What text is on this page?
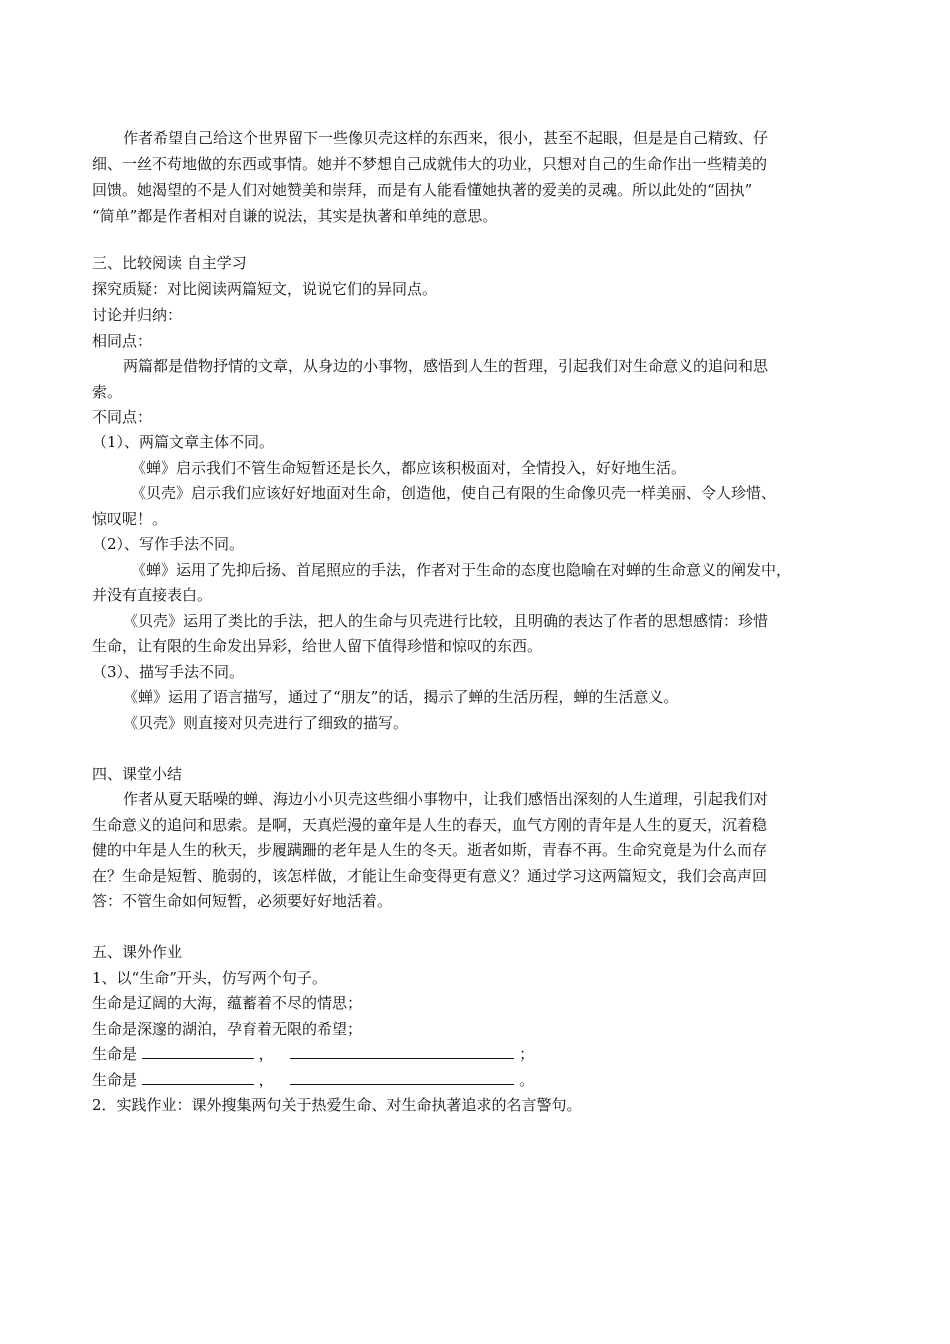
作者希望自己给这个世界留下一些像贝壳这样的东西来，很小，甚至不起眼，但是是自己精致、仔
细、一丝不苟地做的东西或事情。她并不梦想自己成就伟大的功业，只想对自己的生命作出一些精美的
回馈。她渴望的不是人们对她赞美和崇拜，而是有人能看懂她执著的爱美的灵魂。所以此处的“固执”
“简单”都是作者相对自谦的说法，其实是执著和单纯的意思。
三、比较阅读 自主学习
探究质疑：对比阅读两篇短文，说说它们的异同点。
讨论并归纳：
相同点：
两篇都是借物抒情的文章，从身边的小事物，感悟到人生的哲理，引起我们对生命意义的追问和思
索。
不同点：
（1）、两篇文章主体不同。
《蝉》启示我们不管生命短暂还是长久，都应该积极面对，全情投入，好好地生活。
《贝壳》启示我们应该好好地面对生命，创造他，使自己有限的生命像贝壳一样美丽、令人珍惜、
惊叹呢！。
（2）、写作手法不同。
《蝉》运用了先抑后扬、首尾照应的手法，作者对于生命的态度也隐喻在对蝉的生命意义的阐发中，
并没有直接表白。
《贝壳》运用了类比的手法，把人的生命与贝壳进行比较，且明确的表达了作者的思想感情：珍惜
生命，让有限的生命发出异彩，给世人留下值得珍惜和惊叹的东西。
（3）、描写手法不同。
《蝉》运用了语言描写，通过了“朋友”的话，揭示了蝉的生活历程，蝉的生活意义。
《贝壳》则直接对贝壳进行了细致的描写。
四、课堂小结
作者从夏天聒噪的蝉、海边小小贝壳这些细小事物中，让我们感悟出深刻的人生道理，引起我们对
生命意义的追问和思索。是啊，天真烂漫的童年是人生的春天，血气方刚的青年是人生的夏天，沉着稳
健的中年是人生的秋天，步履蹒跚的老年是人生的冬天。逝者如斯，青春不再。生命究竟是为什么而存
在？生命是短暂、脆弱的，该怎样做，才能让生命变得更有意义？通过学习这两篇短文，我们会高声回
答：不管生命如何短暂，必须要好好地活着。
五、课外作业
1、以“生命”开头，仿写两个句子。
生命是辽阔的大海，蕴蓄着不尽的情思；
生命是深邃的湖泊，孕育着无限的希望；
生命是	，	；
生命是	，	。
2．实践作业：课外搜集两句关于热爱生命、对生命执著追求的名言警句。
